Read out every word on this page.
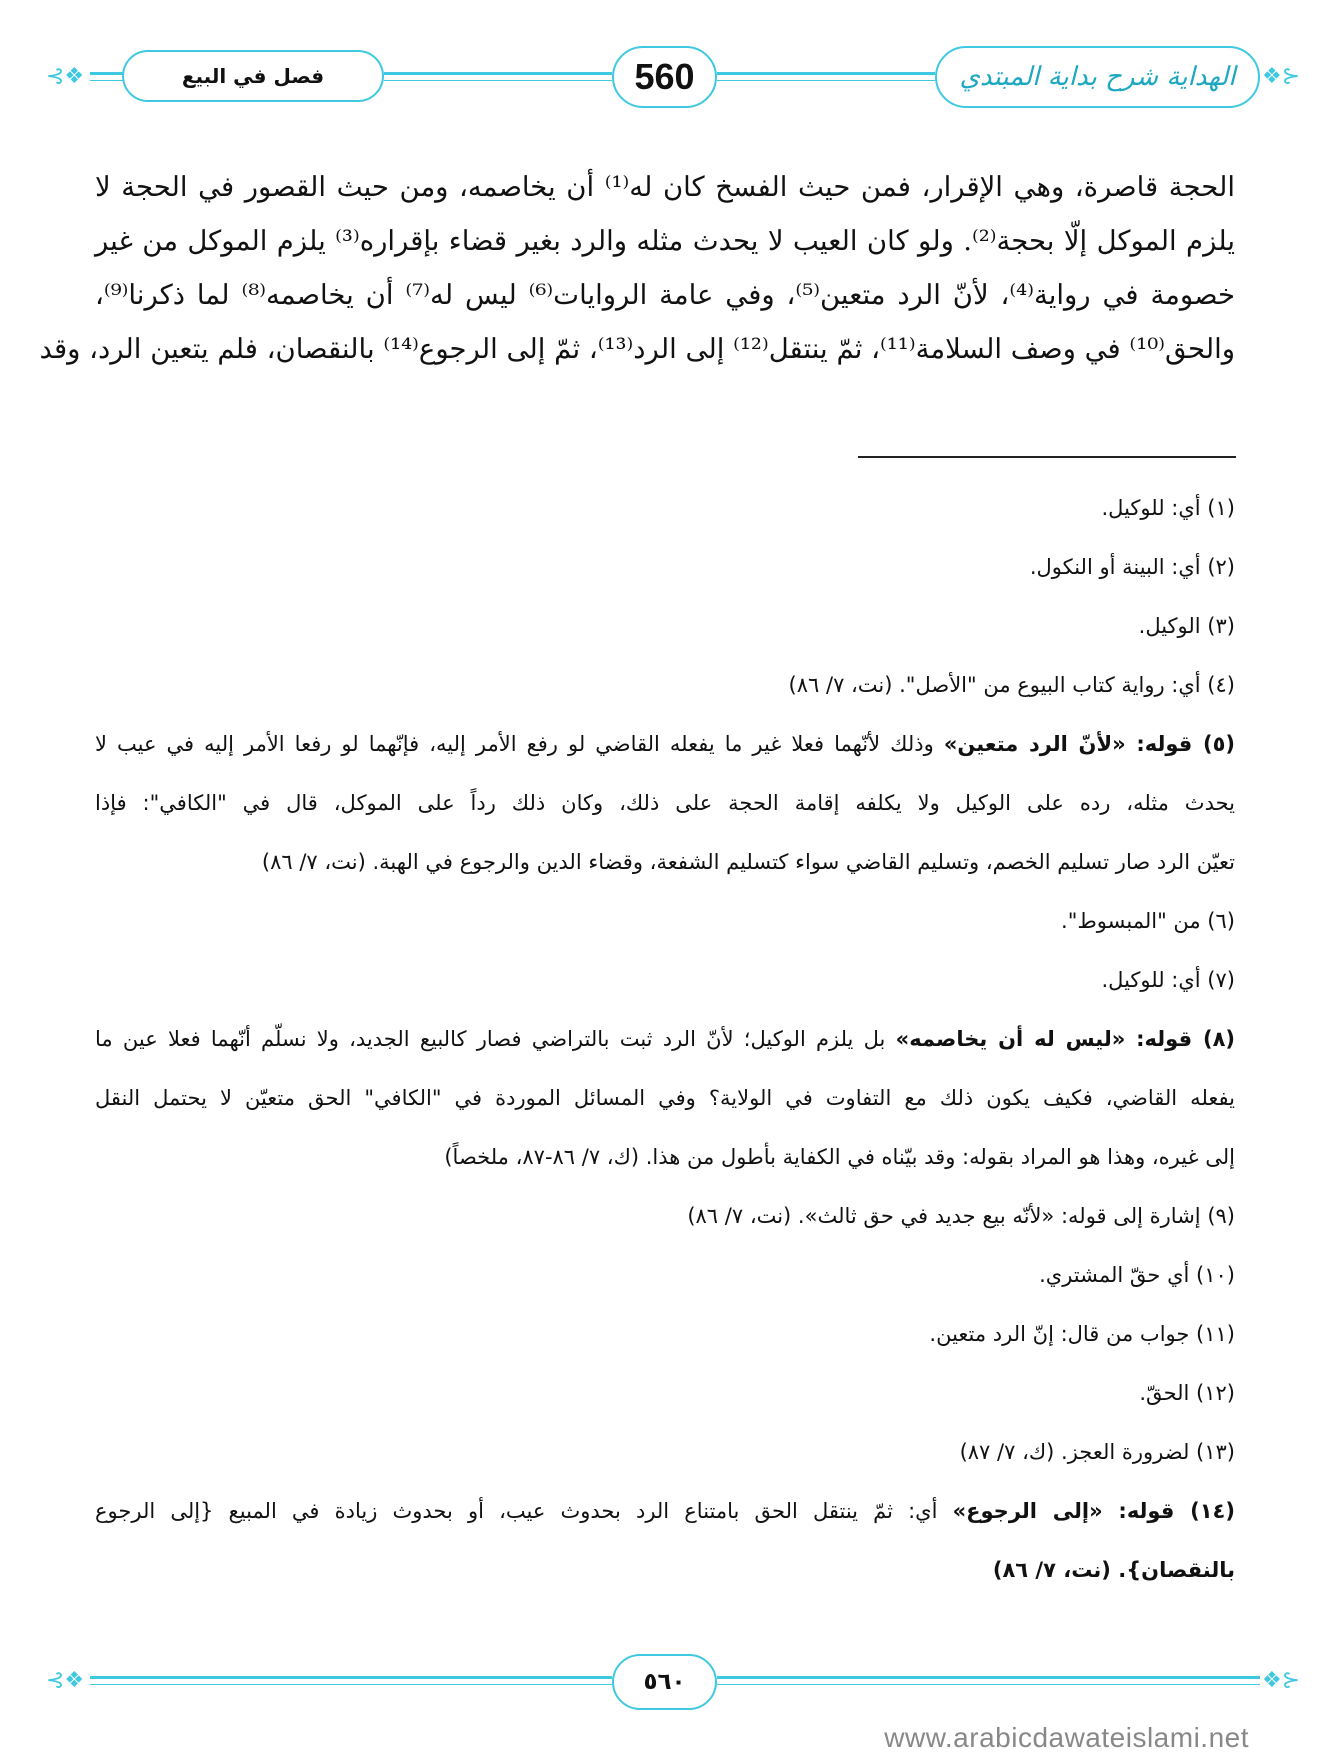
⊰❖	❖⊱
فصل في البيع	560	الهداية شرح بداية المبتدي
الحجة قاصرة، وهي الإقرار، فمن حيث الفسخ كان له⁽¹⁾ أن يخاصمه، ومن حيث القصور في الحجة لا
يلزم الموكل إلّا بحجة⁽²⁾. ولو كان العيب لا يحدث مثله والرد بغير قضاء بإقراره⁽³⁾ يلزم الموكل من غير
خصومة في رواية⁽⁴⁾، لأنّ الرد متعين⁽⁵⁾، وفي عامة الروايات⁽⁶⁾ ليس له⁽⁷⁾ أن يخاصمه⁽⁸⁾ لما ذكرنا⁽⁹⁾،
والحق⁽¹⁰⁾ في وصف السلامة⁽¹¹⁾، ثمّ ينتقل⁽¹²⁾ إلى الرد⁽¹³⁾، ثمّ إلى الرجوع⁽¹⁴⁾ بالنقصان، فلم يتعين الرد، وقد
(١) أي: للوكيل.
(٢) أي: البينة أو النكول.
(٣) الوكيل.
(٤) أي: رواية كتاب البيوع من "الأصل". (نت، ٧/ ٨٦)
(٥) قوله: «لأنّ الرد متعين» وذلك لأنّهما فعلا غير ما يفعله القاضي لو رفع الأمر إليه، فإنّهما لو رفعا الأمر إليه في عيب لا
يحدث مثله، رده على الوكيل ولا يكلفه إقامة الحجة على ذلك، وكان ذلك رداً على الموكل، قال في "الكافي": فإذا
تعيّن الرد صار تسليم الخصم، وتسليم القاضي سواء كتسليم الشفعة، وقضاء الدين والرجوع في الهبة. (نت، ٧/ ٨٦)
(٦) من "المبسوط".
(٧) أي: للوكيل.
(٨) قوله: «ليس له أن يخاصمه» بل يلزم الوكيل؛ لأنّ الرد ثبت بالتراضي فصار كالبيع الجديد، ولا نسلّم أنّهما فعلا عين ما
يفعله القاضي، فكيف يكون ذلك مع التفاوت في الولاية؟ وفي المسائل الموردة في "الكافي" الحق متعيّن لا يحتمل النقل
إلى غيره، وهذا هو المراد بقوله: وقد بيّناه في الكفاية بأطول من هذا. (ك، ٧/ ٨٦-٨٧، ملخصاً)
(٩) إشارة إلى قوله: «لأنّه بيع جديد في حق ثالث». (نت، ٧/ ٨٦)
(١٠) أي حقّ المشتري.
(١١) جواب من قال: إنّ الرد متعين.
(١٢) الحقّ.
(١٣) لضرورة العجز. (ك، ٧/ ٨٧)
(١٤) قوله: «إلى الرجوع» أي: ثمّ ينتقل الحق بامتناع الرد بحدوث عيب، أو بحدوث زيادة في المبيع {إلى الرجوع
بالنقصان}. (نت، ٧/ ٨٦)
⊰❖	❖⊱
٥٦٠
www.arabicdawateislami.net
